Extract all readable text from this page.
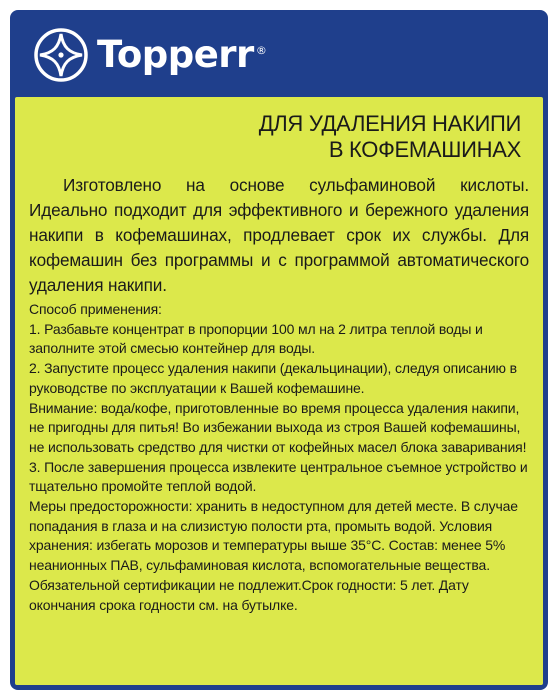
Topperr ®
ДЛЯ УДАЛЕНИЯ НАКИПИ
В КОФЕМАШИНАХ

Изготовлено на основе сульфаминовой кислоты. Идеально подходит для эффективного и бережного удаления накипи в кофемашинах, продлевает срок их службы. Для кофемашин без программы и с программой автоматического удаления накипи.

Способ применения:

1. Разбавьте концентрат в пропорции 100 мл на 2 литра теплой воды и заполните этой смесью контейнер для воды.

2. Запустите процесс удаления накипи (декальцинации), следуя описанию в руководстве по эксплуатации к Вашей кофемашине.

Внимание: вода/кофе, приготовленные во время процесса удаления накипи, не пригодны для питья! Во избежании выхода из строя Вашей кофемашины, не использовать средство для чистки от кофейных масел блока заваривания!

3. После завершения процесса извлеките центральное съемное устройство и тщательно промойте теплой водой.

Меры предосторожности: хранить в недоступном для детей месте. В случае попадания в глаза и на слизистую полости рта, промыть водой. Условия хранения: избегать морозов и температуры выше 35°С. Состав: менее 5% неанионных ПАВ, сульфаминовая кислота, вспомогательные вещества.

Обязательной сертификации не подлежит.Срок годности: 5 лет. Дату окончания срока годности см. на бутылке.
